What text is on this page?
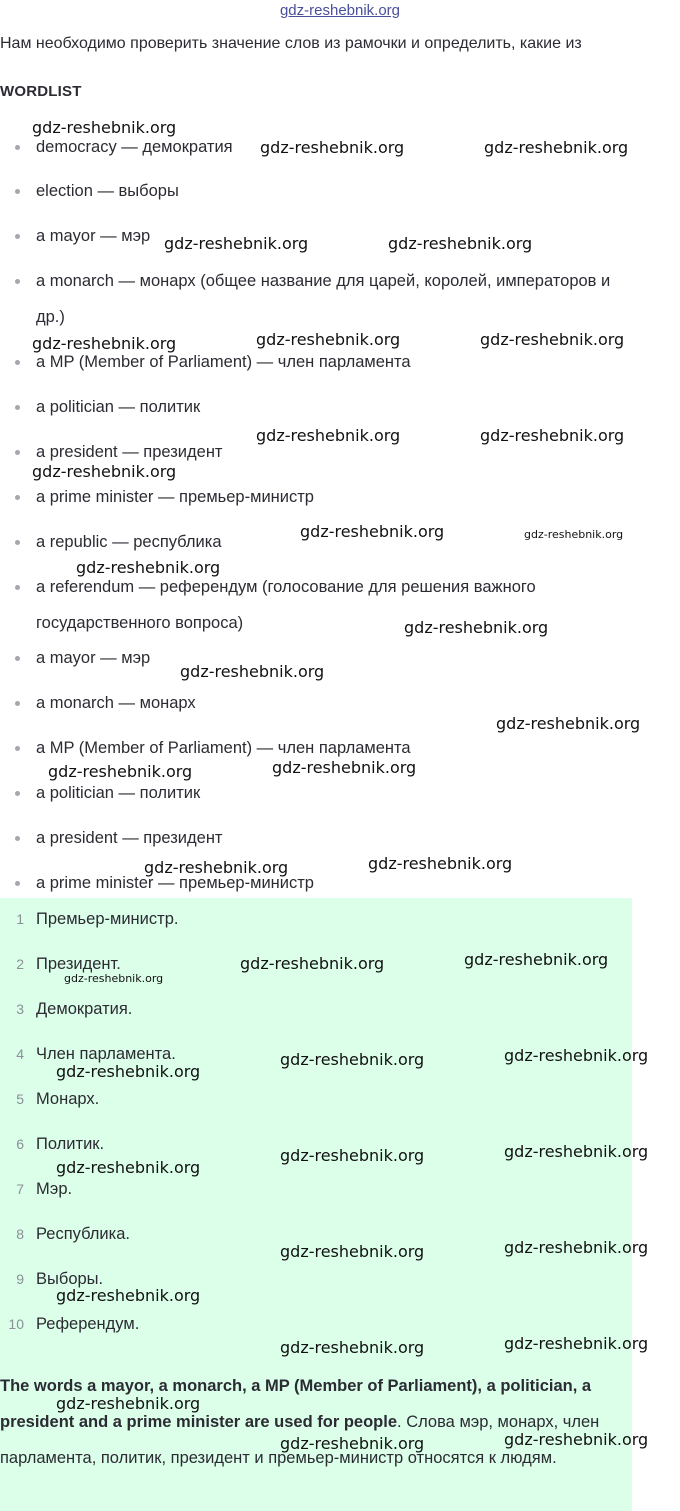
gdz-reshebnik.org
Нам необходимо проверить значение слов из рамочки и определить, какие из
WORDLIST
democracy — демократия
election — выборы
a mayor — мэр
a monarch — монарх (общее название для царей, королей, императоров и
др.)
a MP (Member of Parliament) — член парламента
a politician — политик
a president — президент
a prime minister — премьер-министр
a republic — республика
a referendum — референдум (голосование для решения важного
государственного вопроса)
a mayor — мэр
a monarch — монарх
a MP (Member of Parliament) — член парламента
a politician — политик
a president — президент
a prime minister — премьер-министр
1 Премьер-министр.
2 Президент.
3 Демократия.
4 Член парламента.
5 Монарх.
6 Политик.
7 Мэр.
8 Республика.
9 Выборы.
10 Референдум.
The words a mayor, a monarch, a MP (Member of Parliament), a politician, a president and a prime minister are used for people. Слова мэр, монарх, член парламента, политик, президент и премьер-министр относятся к людям.
gdz-reshebnik.org
gdz-reshebnik.org	gdz-reshebnik.org
gdz-reshebnik.org	gdz-reshebnik.org
gdz-reshebnik.org	gdz-reshebnik.org	gdz-reshebnik.org
gdz-reshebnik.org	gdz-reshebnik.org
gdz-reshebnik.org
gdz-reshebnik.org	gdz-reshebnik.org
gdz-reshebnik.org
gdz-reshebnik.org
gdz-reshebnik.org
gdz-reshebnik.org
gdz-reshebnik.org
gdz-reshebnik.org
gdz-reshebnik.org
gdz-reshebnik.org
gdz-reshebnik.org	gdz-reshebnik.org
gdz-reshebnik.org
gdz-reshebnik.org	gdz-reshebnik.org
gdz-reshebnik.org
gdz-reshebnik.org	gdz-reshebnik.org
gdz-reshebnik.org
gdz-reshebnik.org	gdz-reshebnik.org
gdz-reshebnik.org
gdz-reshebnik.org	gdz-reshebnik.org
gdz-reshebnik.org
gdz-reshebnik.org	gdz-reshebnik.org
